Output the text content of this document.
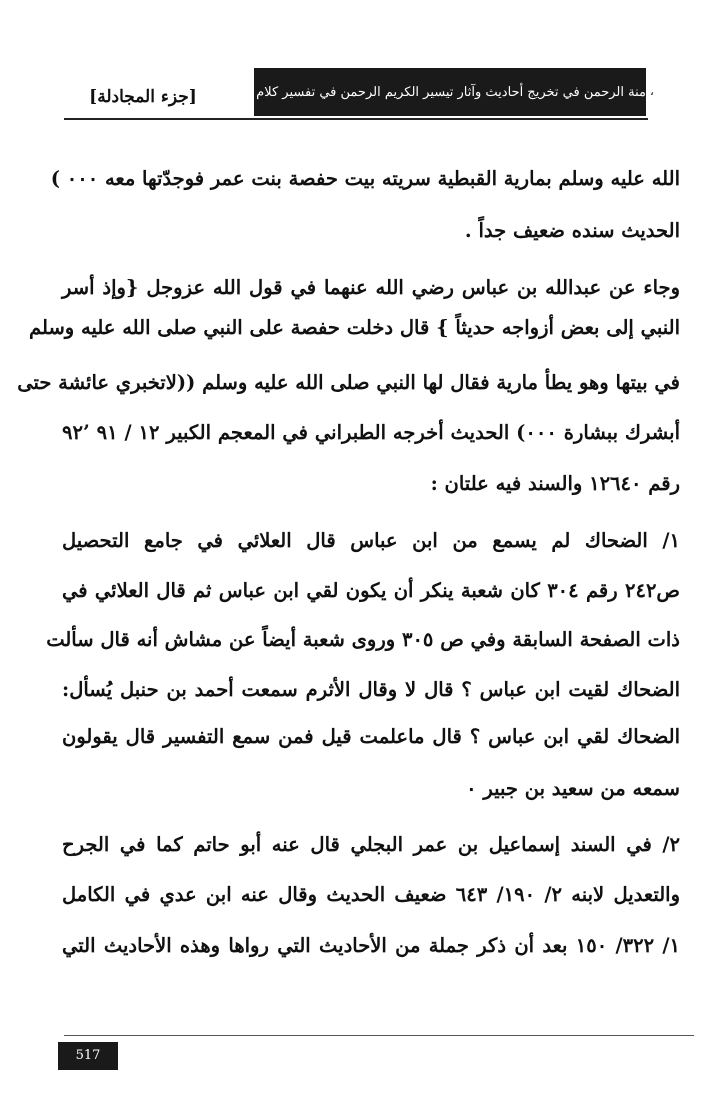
منة الرحمن في تخريج أحاديث وآثار تيسير الكريم الرحمن في تفسير كلام المنان ،
[جزء المجادلة]
الله عليه وسلم بمارية القبطية سريته بيت حفصة بنت عمر فوجدّتها معه ٠٠٠ )
الحديث سنده ضعيف جداً .
وجاء عن عبدالله بن عباس رضي الله عنهما في قول الله عزوجل {وإذ أسر
النبي إلى بعض أزواجه حديثاً } قال دخلت حفصة على النبي صلى الله عليه وسلم
في بيتها وهو يطأ مارية فقال لها النبي صلى الله عليه وسلم ((لاتخبري عائشة حتى
أبشرك ببشارة ٠٠٠) الحديث أخرجه الطبراني في المعجم الكبير ١٢ / ٩١ ’٩٢
رقم ١٢٦٤٠ والسند فيه علتان :
١/ الضحاك لم يسمع من ابن عباس قال العلائي في جامع التحصيل
ص٢٤٢ رقم ٣٠٤ كان شعبة ينكر أن يكون لقي ابن عباس ثم قال العلائي في
ذات الصفحة السابقة وفي ص ٣٠٥ وروى شعبة أيضاً عن مشاش أنه قال سألت
الضحاك لقيت ابن عباس ؟ قال لا وقال الأثرم سمعت أحمد بن حنبل يُسأل:
الضحاك لقي ابن عباس ؟ قال ماعلمت قيل فمن سمع التفسير قال يقولون
سمعه من سعيد بن جبير ٠
٢/ في السند إسماعيل بن عمر البجلي قال عنه أبو حاتم كما في الجرح
والتعديل لابنه ٢/ ١٩٠/ ٦٤٣ ضعيف الحديث وقال عنه ابن عدي في الكامل
١/ ٣٢٢/ ١٥٠ بعد أن ذكر جملة من الأحاديث التي رواها وهذه الأحاديث التي
517
